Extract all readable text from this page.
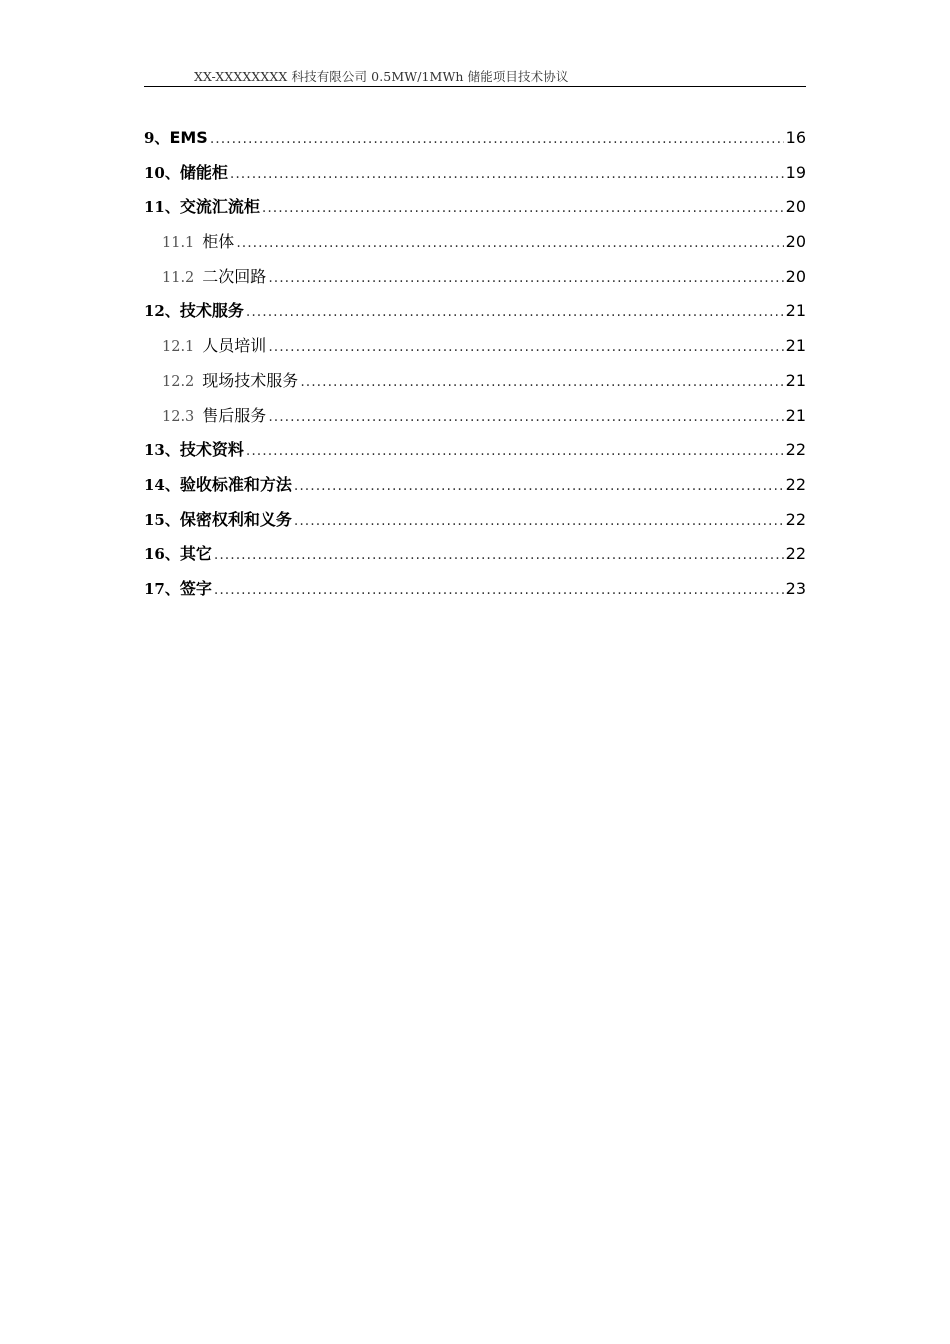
XX-XXXXXXXX 科技有限公司 0.5MW/1MWh 储能项目技术协议
9、 EMS .....	16
10、 储能柜 .....	19
11、 交流汇流柜 .....	20
11.1 柜体 .....	20
11.2 二次回路 .....	20
12、 技术服务 .....	21
12.1 人员培训 .....	21
12.2 现场技术服务 .....	21
12.3 售后服务 .....	21
13、 技术资料 .....	22
14、 验收标准和方法 .....	22
15、 保密权利和义务 .....	22
16、 其它 .....	22
17、 签字 .....	23
